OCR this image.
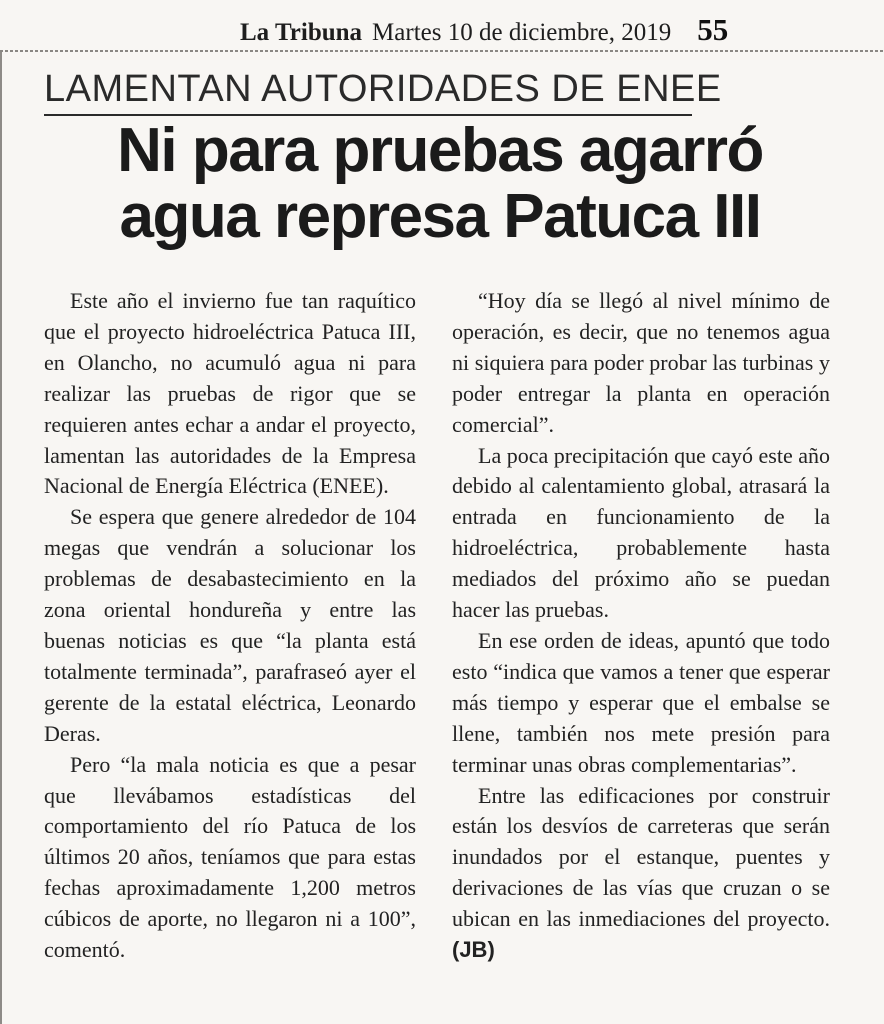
La Tribuna Martes 10 de diciembre, 2019 55
LAMENTAN AUTORIDADES DE ENEE
Ni para pruebas agarró
agua represa Patuca III

Este año el invierno fue tan raquítico que el proyecto hidroeléctrica Patuca III, en Olancho, no acumuló agua ni para realizar las pruebas de rigor que se requieren antes echar a andar el proyecto, lamentan las autoridades de la Empresa Nacional de Energía Eléctrica (ENEE).

Se espera que genere alrededor de 104 megas que vendrán a solucionar los problemas de desabastecimiento en la zona oriental hondureña y entre las buenas noticias es que “la planta está totalmente terminada”, parafraseó ayer el gerente de la estatal eléctrica, Leonardo Deras.

Pero “la mala noticia es que a pesar que llevábamos estadísticas del comportamiento del río Patuca de los últimos 20 años, teníamos que para estas fechas aproximadamente 1,200 metros cúbicos de aporte, no llegaron ni a 100”, comentó.

“Hoy día se llegó al nivel mínimo de operación, es decir, que no tenemos agua ni siquiera para poder probar las turbinas y poder entregar la planta en operación comercial”.

La poca precipitación que cayó este año debido al calentamiento global, atrasará la entrada en funcionamiento de la hidroeléctrica, probablemente hasta mediados del próximo año se puedan hacer las pruebas.

En ese orden de ideas, apuntó que todo esto “indica que vamos a tener que esperar más tiempo y esperar que el embalse se llene, también nos mete presión para terminar unas obras complementarias”.

Entre las edificaciones por construir están los desvíos de carreteras que serán inundados por el estanque, puentes y derivaciones de las vías que cruzan o se ubican en las inmediaciones del proyecto. (JB)
